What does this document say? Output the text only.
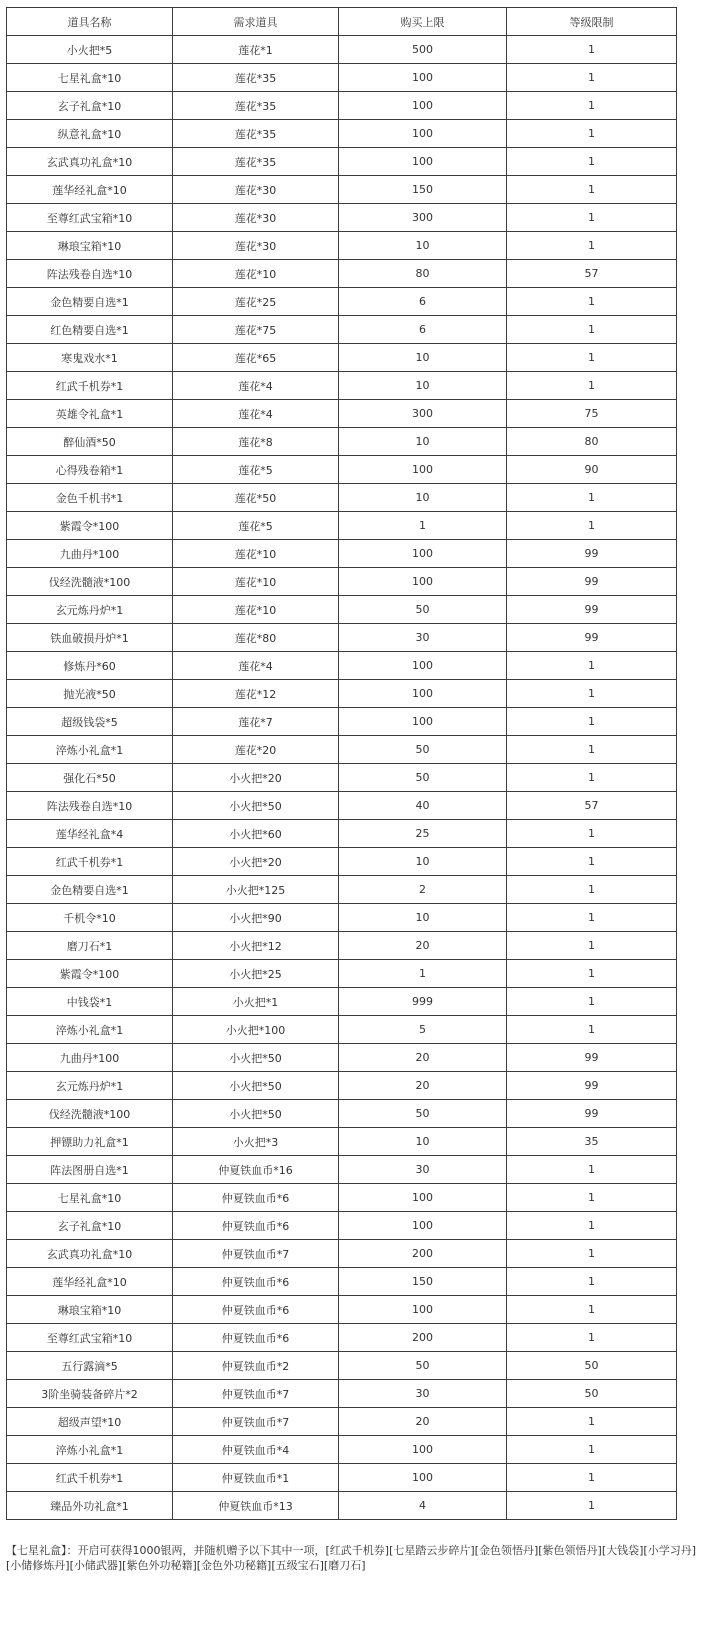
道具名称	需求道具	购买上限	等级限制
小火把*5	莲花*1	500	1
七星礼盒*10	莲花*35	100	1
玄子礼盒*10	莲花*35	100	1
纵意礼盒*10	莲花*35	100	1
玄武真功礼盒*10	莲花*35	100	1
莲华经礼盒*10	莲花*30	150	1
至尊红武宝箱*10	莲花*30	300	1
琳琅宝箱*10	莲花*30	10	1
阵法残卷自选*10	莲花*10	80	57
金色精要自选*1	莲花*25	6	1
红色精要自选*1	莲花*75	6	1
寒鬼戏水*1	莲花*65	10	1
红武千机券*1	莲花*4	10	1
英雄令礼盒*1	莲花*4	300	75
醉仙酒*50	莲花*8	10	80
心得残卷箱*1	莲花*5	100	90
金色千机书*1	莲花*50	10	1
紫霞令*100	莲花*5	1	1
九曲丹*100	莲花*10	100	99
伐经洗髓液*100	莲花*10	100	99
玄元炼丹炉*1	莲花*10	50	99
铁血破损丹炉*1	莲花*80	30	99
修炼丹*60	莲花*4	100	1
抛光液*50	莲花*12	100	1
超级钱袋*5	莲花*7	100	1
淬炼小礼盒*1	莲花*20	50	1
强化石*50	小火把*20	50	1
阵法残卷自选*10	小火把*50	40	57
莲华经礼盒*4	小火把*60	25	1
红武千机券*1	小火把*20	10	1
金色精要自选*1	小火把*125	2	1
千机令*10	小火把*90	10	1
磨刀石*1	小火把*12	20	1
紫霞令*100	小火把*25	1	1
中钱袋*1	小火把*1	999	1
淬炼小礼盒*1	小火把*100	5	1
九曲丹*100	小火把*50	20	99
玄元炼丹炉*1	小火把*50	20	99
伐经洗髓液*100	小火把*50	50	99
押镖助力礼盒*1	小火把*3	10	35
阵法图册自选*1	仲夏铁血币*16	30	1
七星礼盒*10	仲夏铁血币*6	100	1
玄子礼盒*10	仲夏铁血币*6	100	1
玄武真功礼盒*10	仲夏铁血币*7	200	1
莲华经礼盒*10	仲夏铁血币*6	150	1
琳琅宝箱*10	仲夏铁血币*6	100	1
至尊红武宝箱*10	仲夏铁血币*6	200	1
五行露滴*5	仲夏铁血币*2	50	50
3阶坐骑装备碎片*2	仲夏铁血币*7	30	50
超级声望*10	仲夏铁血币*7	20	1
淬炼小礼盒*1	仲夏铁血币*4	100	1
红武千机券*1	仲夏铁血币*1	100	1
臻品外功礼盒*1	仲夏铁血币*13	4	1
【七星礼盒】：开启可获得1000银两，并随机赠予以下其中一项，[红武千机券][七星踏云步碎片][金色领悟丹][紫色领悟丹][大钱袋][小学习丹][小储修炼丹][小储武器][紫色外功秘籍][金色外功秘籍][五级宝石][磨刀石]
